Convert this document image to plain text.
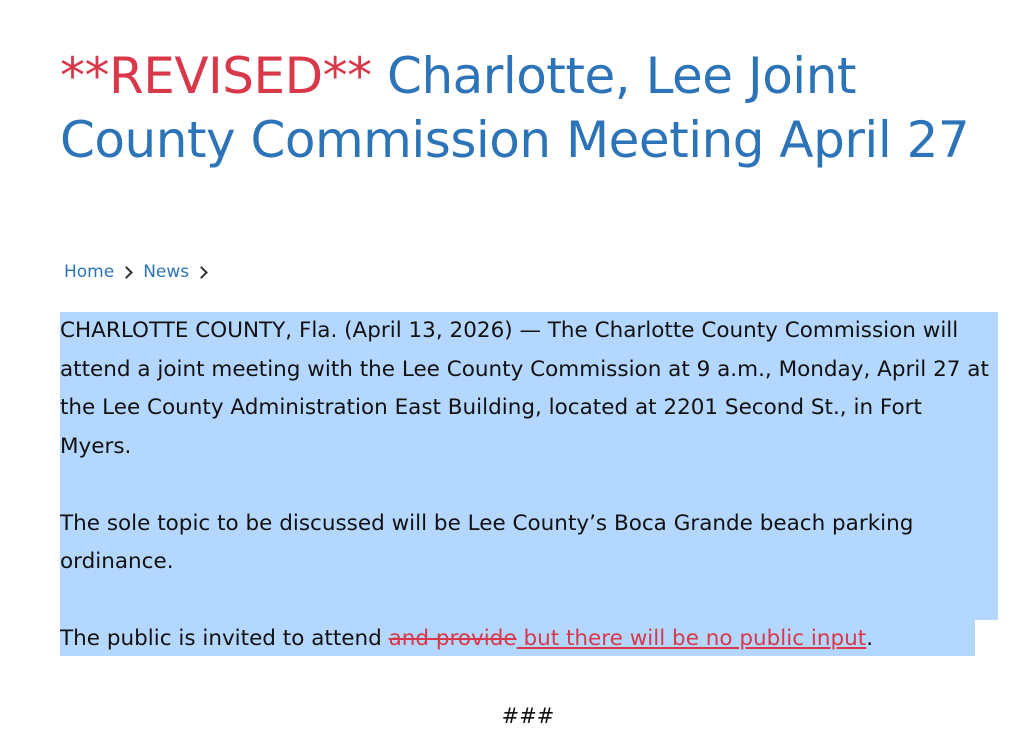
**REVISED** Charlotte, Lee Joint County Commission Meeting April 27
Home News

CHARLOTTE COUNTY, Fla. (April 13, 2026) — The Charlotte County Commission will attend a joint meeting with the Lee County Commission at 9 a.m., Monday, April 27 at the Lee County Administration East Building, located at 2201 Second St., in Fort Myers.

The sole topic to be discussed will be Lee County’s Boca Grande beach parking ordinance.

The public is invited to attend and provide but there will be no public input.

###
